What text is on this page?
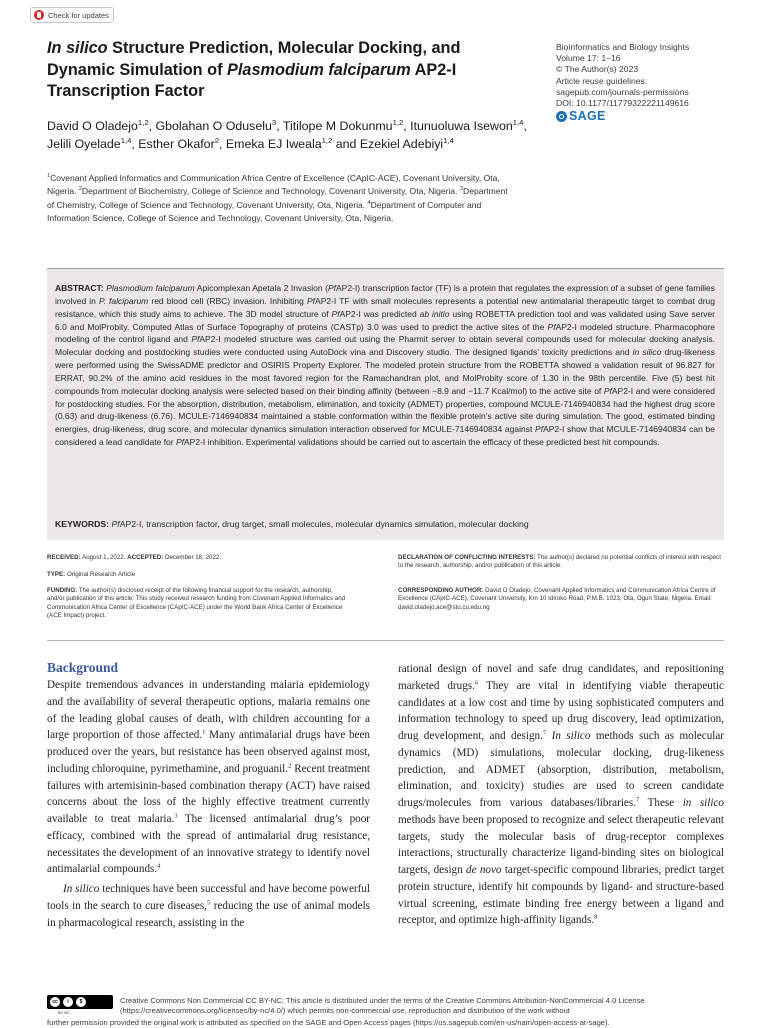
Check for updates
In silico Structure Prediction, Molecular Docking, and Dynamic Simulation of Plasmodium falciparum AP2-I Transcription Factor
Bioinformatics and Biology Insights
Volume 17: 1–16
© The Author(s) 2023
Article reuse guidelines:
sagepub.com/journals-permissions
DOI: 10.1177/11779322221149616
SAGE
David O Oladejo$^{1,2}$, Gbolahan O Oduselu$^3$, Titilope M Dokunmu$^{1,2}$, Itunuoluwa Isewon$^{1,4}$, Jelili Oyelade$^{1,4}$, Esther Okafor$^2$, Emeka EJ Iweala$^{1,2}$ and Ezekiel Adebiyi$^{1,4}$
$^1$Covenant Applied Informatics and Communication Africa Centre of Excellence (CApIC-ACE), Covenant University, Ota, Nigeria. $^2$Department of Biochemistry, College of Science and Technology, Covenant University, Ota, Nigeria. $^3$Department of Chemistry, College of Science and Technology, Covenant University, Ota, Nigeria. $^4$Department of Computer and Information Science, College of Science and Technology, Covenant University, Ota, Nigeria.
ABSTRACT: Plasmodium falciparum Apicomplexan Apetala 2 Invasion (PfAP2-I) transcription factor (TF) is a protein that regulates the expression of a subset of gene families involved in P. falciparum red blood cell (RBC) invasion. Inhibiting PfAP2-I TF with small molecules represents a potential new antimalarial therapeutic target to combat drug resistance, which this study aims to achieve. The 3D model structure of PfAP2-I was predicted ab initio using ROBETTA prediction tool and was validated using Save server 6.0 and MolProbity. Computed Atlas of Surface Topography of proteins (CASTp) 3.0 was used to predict the active sites of the PfAP2-I modeled structure. Pharmacophore modeling of the control ligand and PfAP2-I modeled structure was carried out using the Pharmit server to obtain several compounds used for molecular docking analysis. Molecular docking and postdocking studies were conducted using AutoDock vina and Discovery studio. The designed ligands’ toxicity predictions and in silico drug-likeness were performed using the SwissADME predictor and OSIRIS Property Explorer. The modeled protein structure from the ROBETTA showed a validation result of 96.827 for ERRAT, 90.2% of the amino acid residues in the most favored region for the Ramachandran plot, and MolProbity score of 1.30 in the 98th percentile. Five (5) best hit compounds from molecular docking analysis were selected based on their binding affinity (between −8.9 and −11.7 Kcal/mol) to the active site of PfAP2-I and were considered for postdocking studies. For the absorption, distribution, metabolism, elimination, and toxicity (ADMET) properties, compound MCULE-7146940834 had the highest drug score (0.63) and drug-likeness (6.76). MCULE-7146940834 maintained a stable conformation within the flexible protein’s active site during simulation. The good, estimated binding energies, drug-likeness, drug score, and molecular dynamics simulation interaction observed for MCULE-7146940834 against PfAP2-I show that MCULE-7146940834 can be considered a lead candidate for PfAP2-I inhibition. Experimental validations should be carried out to ascertain the efficacy of these predicted best hit compounds.
KEYWORDS: PfAP2-I, transcription factor, drug target, small molecules, molecular dynamics simulation, molecular docking
RECEIVED: August 1, 2022. ACCEPTED: December 18, 2022.
TYPE: Original Research Article
FUNDING: The author(s) disclosed receipt of the following financial support for the research, authorship, and/or publication of this article: This study received research funding from Covenant Applied Informatics and Communication Africa Center of Excellence (CApIC-ACE) under the World Bank Africa Center of Excellence (ACE Impact) project.
DECLARATION OF CONFLICTING INTERESTS: The author(s) declared no potential conflicts of interest with respect to the research, authorship, and/or publication of this article.
CORRESPONDING AUTHOR: David O Oladejo, Covenant Applied Informatics and Communication Africa Centre of Excellence (CApIC-ACE), Covenant University, Km 10 Idiroko Road, P.M.B. 1023, Ota, Ogun State, Nigeria. Email: david.oladejo.ace@stu.cu.edu.ng
Background
Despite tremendous advances in understanding malaria epidemiology and the availability of several therapeutic options, malaria remains one of the leading global causes of death, with children accounting for a large proportion of those affected.$^1$ Many antimalarial drugs have been produced over the years, but resistance has been observed against most, including chloroquine, pyrimethamine, and proguanil.$^2$ Recent treatment failures with artemisinin-based combination therapy (ACT) have raised concerns about the loss of the highly effective treatment currently available to treat malaria.$^3$ The licensed antimalarial drug’s poor efficacy, combined with the spread of antimalarial drug resistance, necessitates the development of an innovative strategy to identify novel antimalarial compounds.$^4$
In silico techniques have been successful and have become powerful tools in the search to cure diseases,$^5$ reducing the use of animal models in pharmacological research, assisting in the
rational design of novel and safe drug candidates, and repositioning marketed drugs.$^6$ They are vital in identifying viable therapeutic candidates at a low cost and time by using sophisticated computers and information technology to speed up drug discovery, lead optimization, drug development, and design.$^7$ In silico methods such as molecular dynamics (MD) simulations, molecular docking, drug-likeness prediction, and ADMET (absorption, distribution, metabolism, elimination, and toxicity) studies are used to screen candidate drugs/molecules from various databases/libraries.$^7$ These in silico methods have been proposed to recognize and select therapeutic relevant targets, study the molecular basis of drug-receptor complexes interactions, structurally characterize ligand-binding sites on biological targets, design de novo target-specific compound libraries, predict target protein structure, identify hit compounds by ligand- and structure-based virtual screening, estimate binding free energy between a ligand and receptor, and optimize high-affinity ligands.$^8$
cc	i	$
BY NC
Creative Commons Non Commercial CC BY-NC: This article is distributed under the terms of the Creative Commons Attribution-NonCommercial 4.0 License (https://creativecommons.org/licenses/by-nc/4.0/) which permits non-commercial use, reproduction and distribution of the work without
further permission provided the original work is attributed as specified on the SAGE and Open Access pages (https://us.sagepub.com/en-us/nam/open-access-at-sage).
